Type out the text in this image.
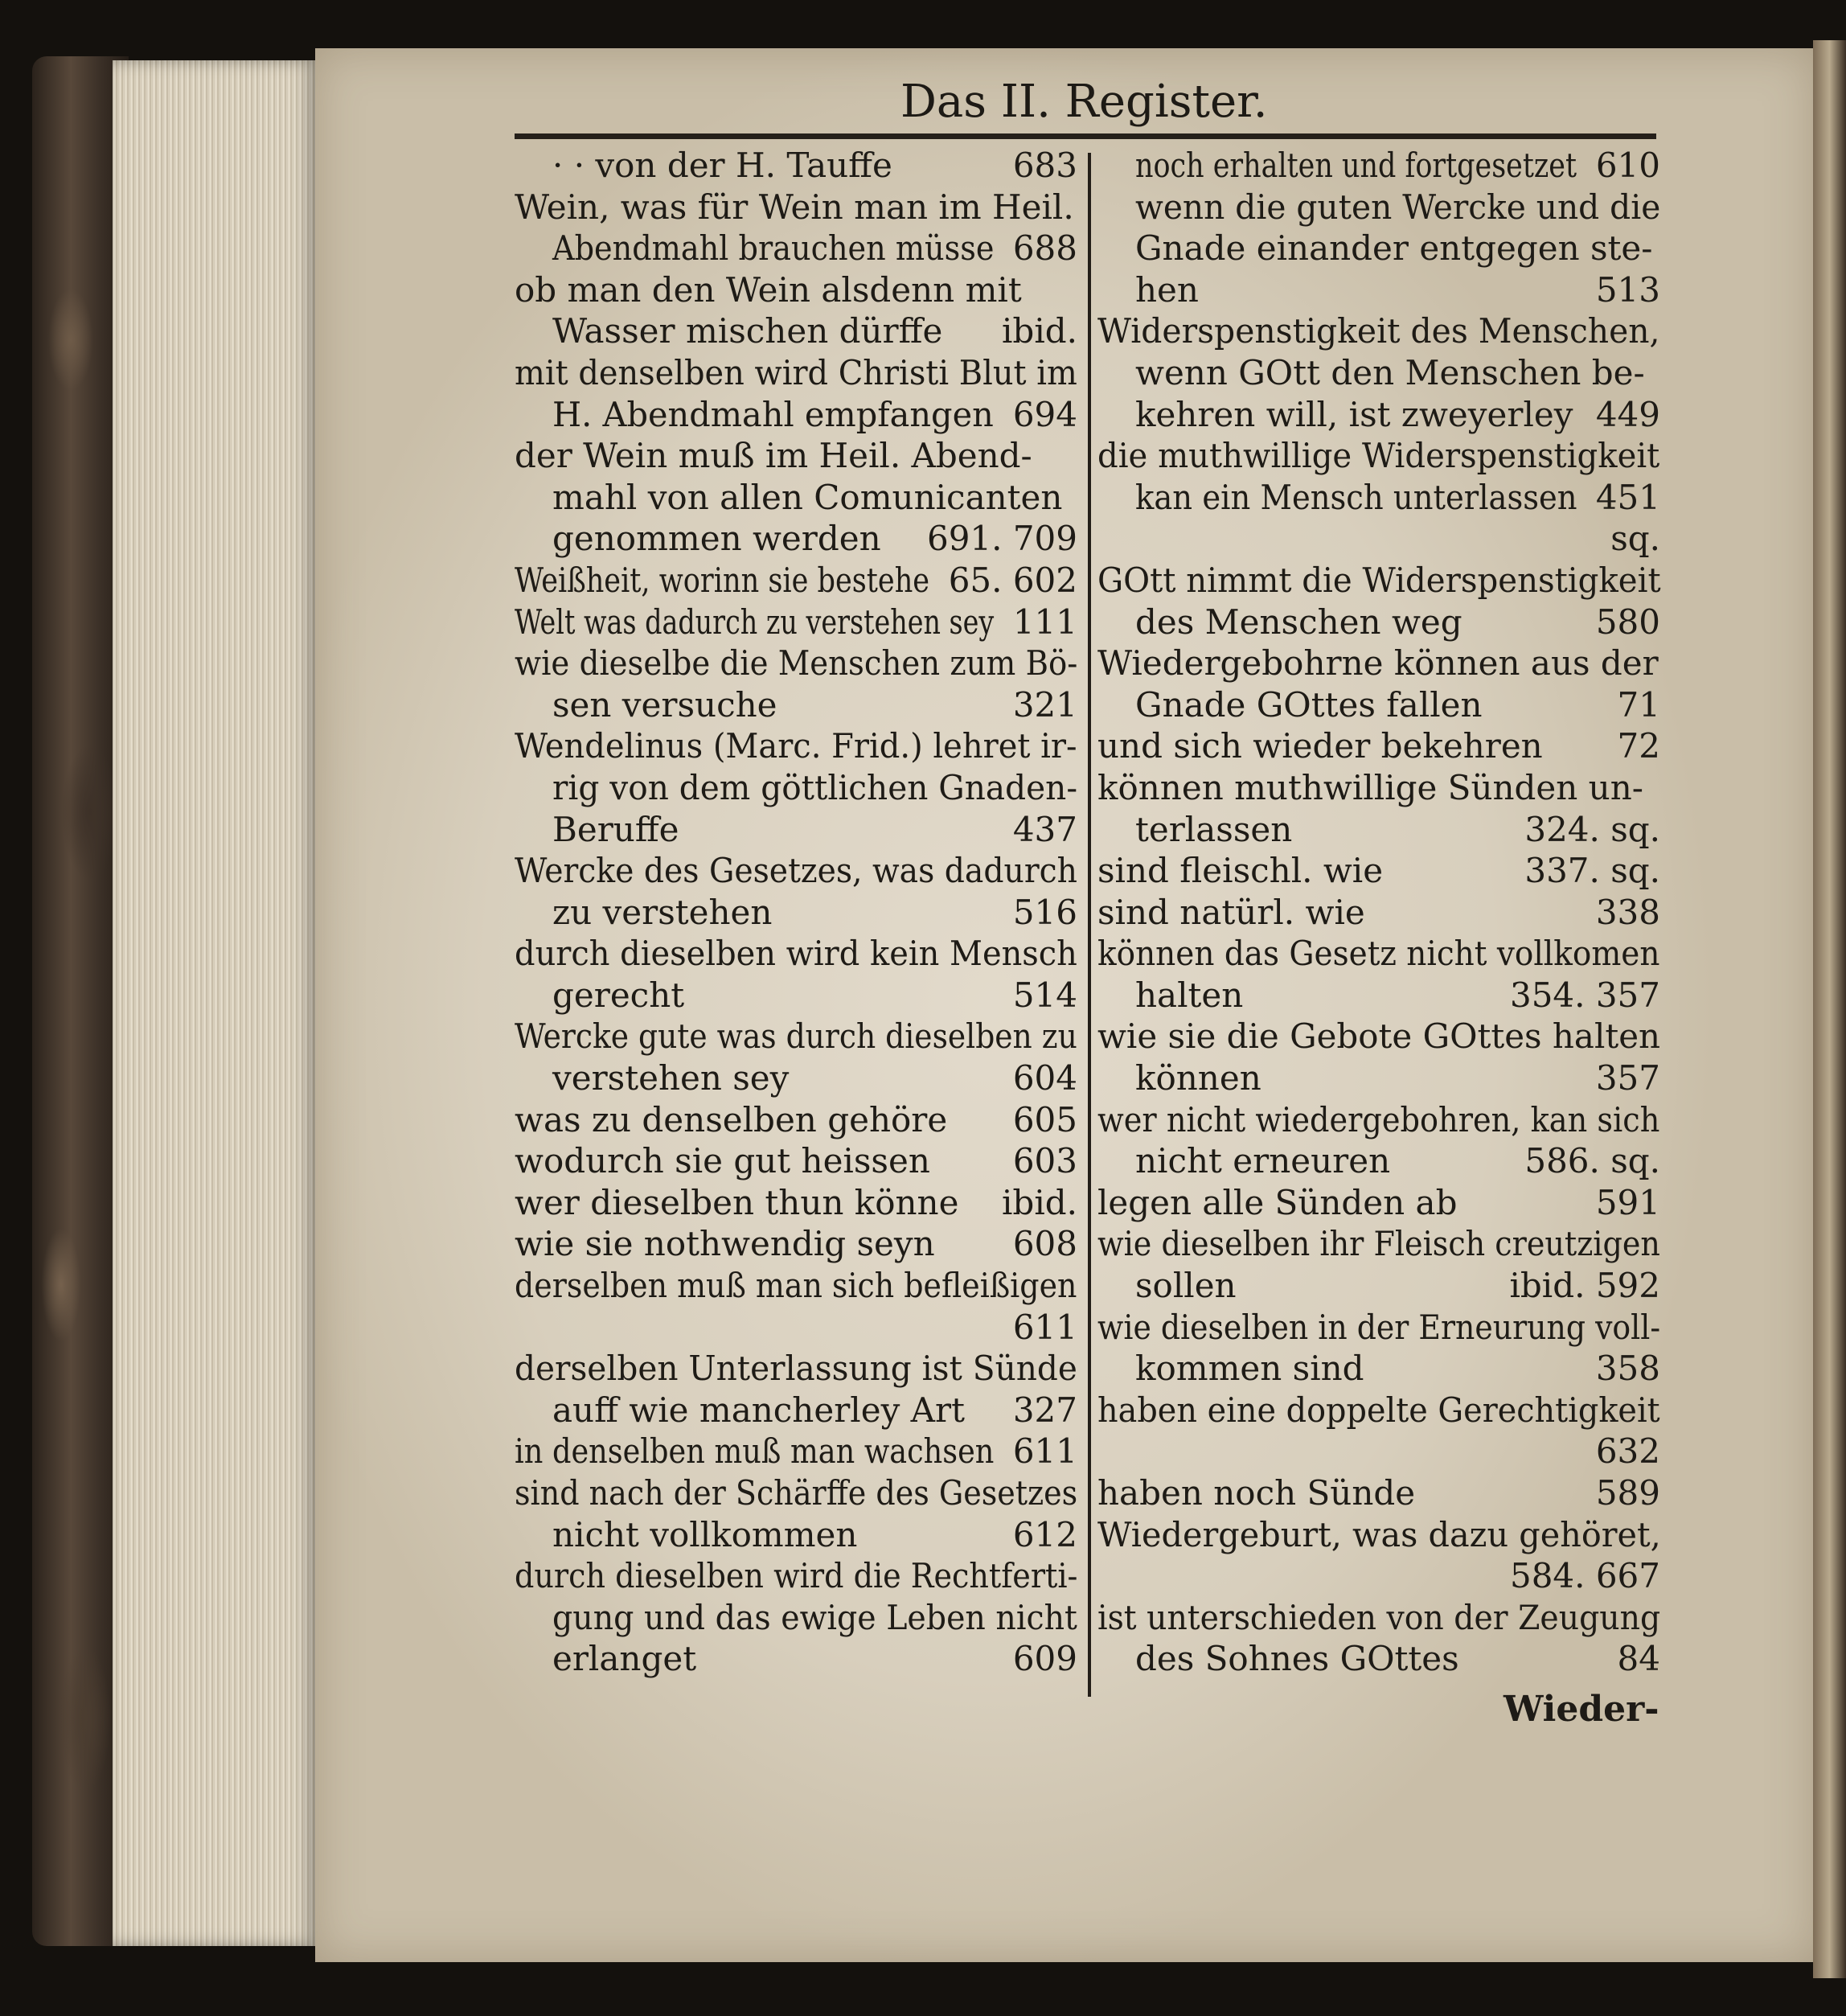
Das II. Register.
· · von der H. Tauffe	683
Wein, was für Wein man im Heil.
Abendmahl brauchen müsse 688
ob man den Wein alsdenn mit
Wasser mischen dürffe ibid.
mit denselben wird Christi Blut im
H. Abendmahl empfangen 694
der Wein muß im Heil. Abend-
mahl von allen Comunicanten
genommen werden 691. 709
Weißheit, worinn sie bestehe 65. 602
Welt was dadurch zu verstehen sey 111
wie dieselbe die Menschen zum Bö-
sen versuche	321
Wendelinus (Marc. Frid.) lehret ir-
rig von dem göttlichen Gnaden-
Beruffe	437
Wercke des Gesetzes, was dadurch
zu verstehen	516
durch dieselben wird kein Mensch
gerecht	514
Wercke gute was durch dieselben zu
verstehen sey	604
was zu denselben gehöre 605
wodurch sie gut heissen 603
wer dieselben thun könne ibid.
wie sie nothwendig seyn 608
derselben muß man sich befleißigen
611
derselben Unterlassung ist Sünde
auff wie mancherley Art 327
in denselben muß man wachsen 611
sind nach der Schärffe des Gesetzes
nicht vollkommen	612
durch dieselben wird die Rechtferti-
gung und das ewige Leben nicht
erlanget	609
noch erhalten und fortgesetzet 610
wenn die guten Wercke und die
Gnade einander entgegen ste-
hen	513
Widerspenstigkeit des Menschen,
wenn GOtt den Menschen be-
kehren will, ist zweyerley 449
die muthwillige Widerspenstigkeit
kan ein Mensch unterlassen 451
sq.
GOtt nimmt die Widerspenstigkeit
des Menschen weg	580
Wiedergebohrne können aus der
Gnade GOttes fallen	71
und sich wieder bekehren 72
können muthwillige Sünden un-
terlassen	324. sq.
sind fleischl. wie	337. sq.
sind natürl. wie	338
können das Gesetz nicht vollkomen
halten	354. 357
wie sie die Gebote GOttes halten
können	357
wer nicht wiedergebohren, kan sich
nicht erneuren	586. sq.
legen alle Sünden ab	591
wie dieselben ihr Fleisch creutzigen
sollen	ibid. 592
wie dieselben in der Erneurung voll-
kommen sind	358
haben eine doppelte Gerechtigkeit
632
haben noch Sünde	589
Wiedergeburt, was dazu gehöret,
584. 667
ist unterschieden von der Zeugung
des Sohnes GOttes	84
Wieder-
